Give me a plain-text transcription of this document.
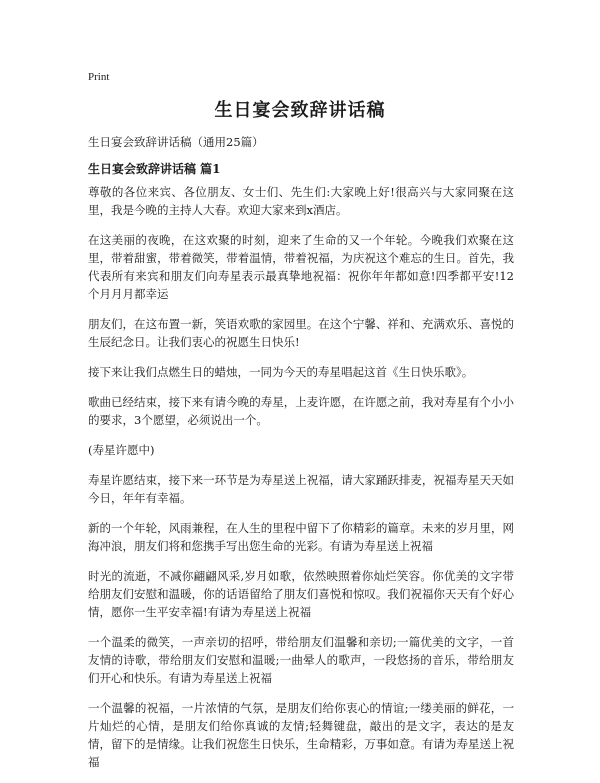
Print
生日宴会致辞讲话稿
生日宴会致辞讲话稿（通用25篇）
生日宴会致辞讲话稿 篇1

尊敬的各位来宾、各位朋友、女士们、先生们:大家晚上好!很高兴与大家同聚在这里，我是今晚的主持人大春。欢迎大家来到x酒店。

在这美丽的夜晚，在这欢聚的时刻，迎来了生命的又一个年轮。今晚我们欢聚在这里，带着甜蜜，带着微笑，带着温情，带着祝福，为庆祝这个难忘的生日。首先，我代表所有来宾和朋友们向寿星表示最真挚地祝福：祝你年年都如意!四季都平安!12个月月月都幸运

朋友们，在这布置一新，笑语欢歌的家园里。在这个宁馨、祥和、充满欢乐、喜悦的生辰纪念日。让我们衷心的祝愿生日快乐!

接下来让我们点燃生日的蜡烛，一同为今天的寿星唱起这首《生日快乐歌》。

歌曲已经结束，接下来有请今晚的寿星，上麦许愿，在许愿之前，我对寿星有个小小的要求，3个愿望，必须说出一个。

(寿星许愿中)

寿星许愿结束，接下来一环节是为寿星送上祝福，请大家踊跃排麦，祝福寿星天天如今日，年年有幸福。

新的一个年轮，风雨兼程，在人生的里程中留下了你精彩的篇章。未来的岁月里，网海冲浪，朋友们将和您携手写出您生命的光彩。有请为寿星送上祝福

时光的流逝，不减你翩翩风采,岁月如歌，依然映照着你灿烂笑容。你优美的文字带给朋友们安慰和温暖，你的话语留给了朋友们喜悦和惊叹。我们祝福你天天有个好心情，愿你一生平安幸福!有请为寿星送上祝福

一个温柔的微笑，一声亲切的招呼，带给朋友们温馨和亲切;一篇优美的文字，一首友情的诗歌，带给朋友们安慰和温暖;一曲晕人的歌声，一段悠扬的音乐，带给朋友们开心和快乐。有请为寿星送上祝福

一个温馨的祝福，一片浓情的气氛，是朋友们给你衷心的情谊;一缕美丽的鲜花，一片灿烂的心情，是朋友们给你真诚的友情;轻舞键盘，敲出的是文字，表达的是友情，留下的是情缘。让我们祝您生日快乐，生命精彩，万事如意。有请为寿星送上祝福
